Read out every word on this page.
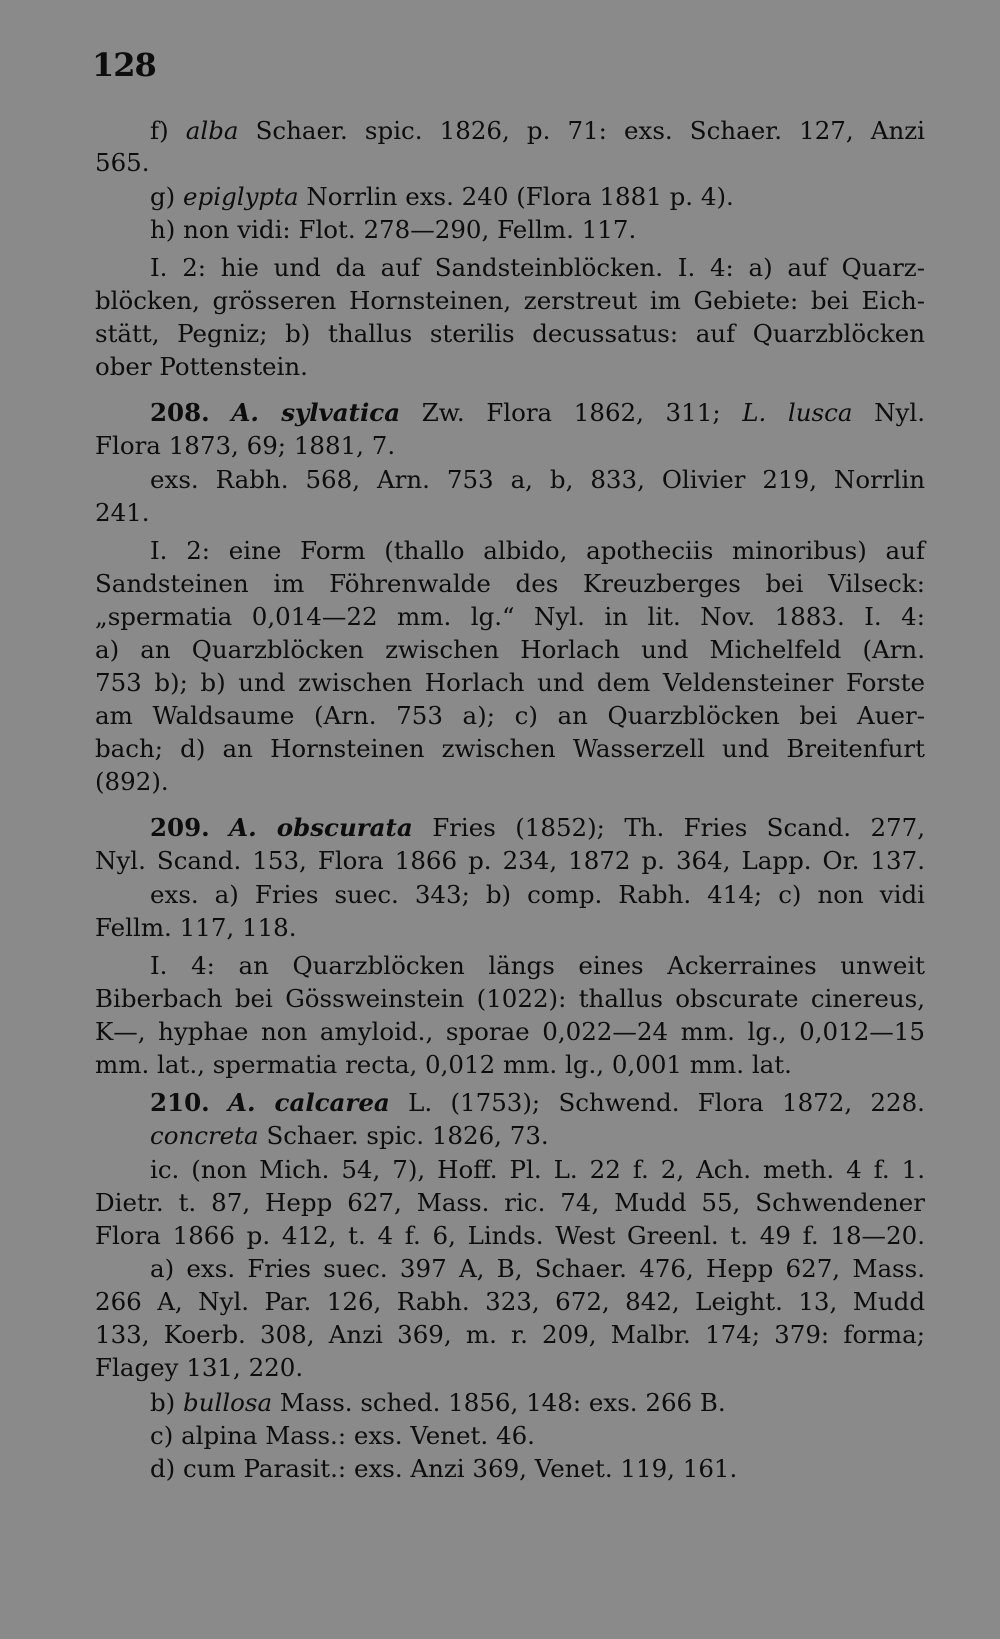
128
f) alba Schaer. spic. 1826, p. 71: exs. Schaer. 127, Anzi
565.
g) epiglypta Norrlin exs. 240 (Flora 1881 p. 4).
h) non vidi: Flot. 278—290, Fellm. 117.
I. 2: hie und da auf Sandsteinblöcken. I. 4: a) auf Quarz-
blöcken, grösseren Hornsteinen, zerstreut im Gebiete: bei Eich-
stätt, Pegniz; b) thallus sterilis decussatus: auf Quarzblöcken
ober Pottenstein.
208. A. sylvatica Zw. Flora 1862, 311; L. lusca Nyl.
Flora 1873, 69; 1881, 7.
exs. Rabh. 568, Arn. 753 a, b, 833, Olivier 219, Norrlin
241.
I. 2: eine Form (thallo albido, apotheciis minoribus) auf
Sandsteinen im Föhrenwalde des Kreuzberges bei Vilseck:
„spermatia 0,014—22 mm. lg.“ Nyl. in lit. Nov. 1883. I. 4:
a) an Quarzblöcken zwischen Horlach und Michelfeld (Arn.
753 b); b) und zwischen Horlach und dem Veldensteiner Forste
am Waldsaume (Arn. 753 a); c) an Quarzblöcken bei Auer-
bach; d) an Hornsteinen zwischen Wasserzell und Breitenfurt
(892).
209. A. obscurata Fries (1852); Th. Fries Scand. 277,
Nyl. Scand. 153, Flora 1866 p. 234, 1872 p. 364, Lapp. Or. 137.
exs. a) Fries suec. 343; b) comp. Rabh. 414; c) non vidi
Fellm. 117, 118.
I. 4: an Quarzblöcken längs eines Ackerraines unweit
Biberbach bei Gössweinstein (1022): thallus obscurate cinereus,
K—, hyphae non amyloid., sporae 0,022—24 mm. lg., 0,012—15
mm. lat., spermatia recta, 0,012 mm. lg., 0,001 mm. lat.
210. A. calcarea L. (1753); Schwend. Flora 1872, 228.
concreta Schaer. spic. 1826, 73.
ic. (non Mich. 54, 7), Hoff. Pl. L. 22 f. 2, Ach. meth. 4 f. 1.
Dietr. t. 87, Hepp 627, Mass. ric. 74, Mudd 55, Schwendener
Flora 1866 p. 412, t. 4 f. 6, Linds. West Greenl. t. 49 f. 18—20.
a) exs. Fries suec. 397 A, B, Schaer. 476, Hepp 627, Mass.
266 A, Nyl. Par. 126, Rabh. 323, 672, 842, Leight. 13, Mudd
133, Koerb. 308, Anzi 369, m. r. 209, Malbr. 174; 379: forma;
Flagey 131, 220.
b) bullosa Mass. sched. 1856, 148: exs. 266 B.
c) alpina Mass.: exs. Venet. 46.
d) cum Parasit.: exs. Anzi 369, Venet. 119, 161.
